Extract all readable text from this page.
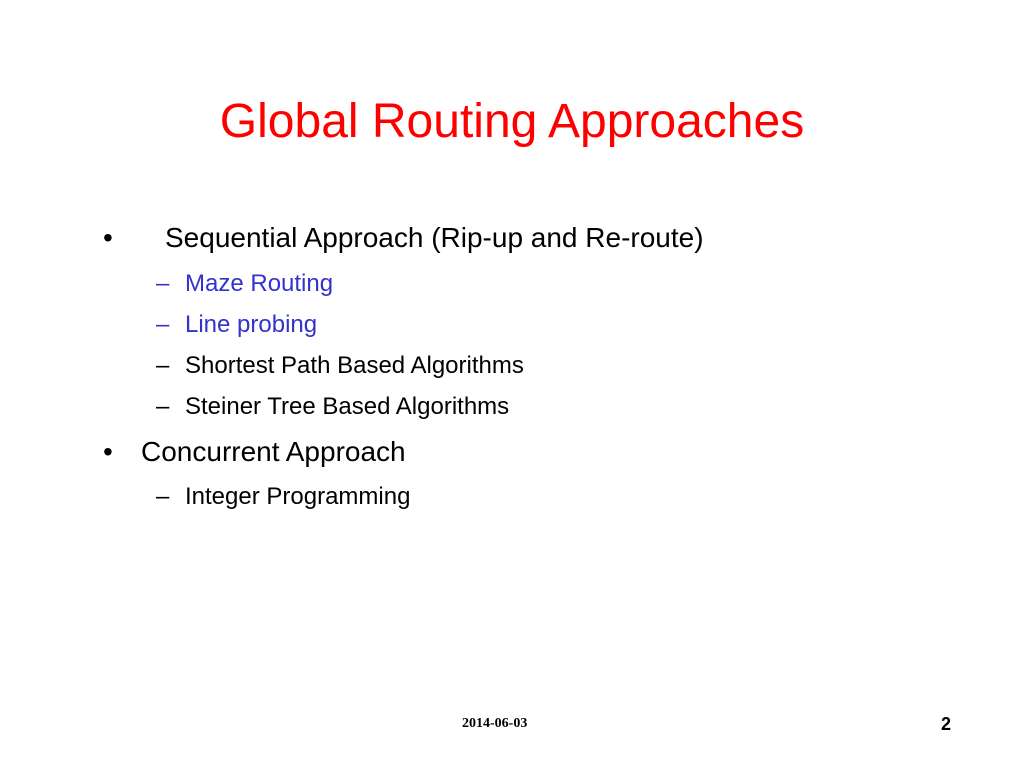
Global Routing Approaches
• Sequential Approach (Rip-up and Re-route)
– Maze Routing
– Line probing
– Shortest Path Based Algorithms
– Steiner Tree Based Algorithms
• Concurrent Approach
– Integer Programming
2014-06-03	2
